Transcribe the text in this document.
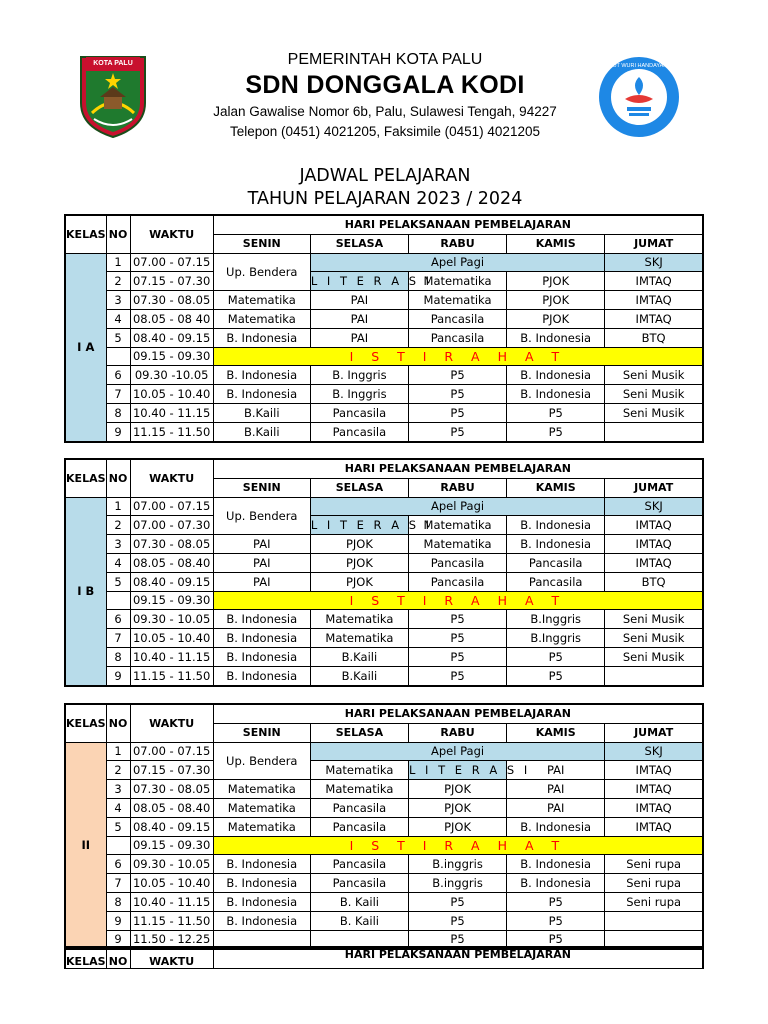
KOTA PALU	TUT WURI HANDAYANI
PEMERINTAH KOTA PALU
SDN DONGGALA KODI
Jalan Gawalise Nomor 6b, Palu, Sulawesi Tengah, 94227
Telepon (0451) 4021205, Faksimile (0451) 4021205
JADWAL PELAJARAN
TAHUN PELAJARAN 2023 / 2024
KELAS	NO	WAKTU	HARI PELAKSANAAN PEMBELAJARAN				
			SENIN	SELASA	RABU	KAMIS	JUMAT
I A	1	07.00 - 07.15	Up. Bendera	Apel Pagi			SKJ
	2	07.15 - 07.30		L I T E R A S I	Matematika	PJOK	IMTAQ
	3	07.30 - 08.05	Matematika	PAI	Matematika	PJOK	IMTAQ
	4	08.05 - 08 40	Matematika	PAI	Pancasila	PJOK	IMTAQ
	5	08.40 - 09.15	B. Indonesia	PAI	Pancasila	B. Indonesia	BTQ
		09.15 - 09.30	I S T I R A H A T				
	6	09.30 -10.05	B. Indonesia	B. Inggris	P5	B. Indonesia	Seni Musik
	7	10.05 - 10.40	B. Indonesia	B. Inggris	P5	B. Indonesia	Seni Musik
	8	10.40 - 11.15	B.Kaili	Pancasila	P5	P5	Seni Musik
	9	11.15 - 11.50	B.Kaili	Pancasila	P5	P5	
KELAS	NO	WAKTU	HARI PELAKSANAAN PEMBELAJARAN				
			SENIN	SELASA	RABU	KAMIS	JUMAT
I B	1	07.00 - 07.15	Up. Bendera	Apel Pagi			SKJ
	2	07.00 - 07.30		L I T E R A S I	Matematika	B. Indonesia	IMTAQ
	3	07.30 - 08.05	PAI	PJOK	Matematika	B. Indonesia	IMTAQ
	4	08.05 - 08.40	PAI	PJOK	Pancasila	Pancasila	IMTAQ
	5	08.40 - 09.15	PAI	PJOK	Pancasila	Pancasila	BTQ
		09.15 - 09.30	I S T I R A H A T				
	6	09.30 - 10.05	B. Indonesia	Matematika	P5	B.Inggris	Seni Musik
	7	10.05 - 10.40	B. Indonesia	Matematika	P5	B.Inggris	Seni Musik
	8	10.40 - 11.15	B. Indonesia	B.Kaili	P5	P5	Seni Musik
	9	11.15 - 11.50	B. Indonesia	B.Kaili	P5	P5	
KELAS	NO	WAKTU	HARI PELAKSANAAN PEMBELAJARAN				
			SENIN	SELASA	RABU	KAMIS	JUMAT
II	1	07.00 - 07.15	Up. Bendera	Apel Pagi			SKJ
	2	07.15 - 07.30		Matematika	L I T E R A S I	PAI	IMTAQ
	3	07.30 - 08.05	Matematika	Matematika	PJOK	PAI	IMTAQ
	4	08.05 - 08.40	Matematika	Pancasila	PJOK	PAI	IMTAQ
	5	08.40 - 09.15	Matematika	Pancasila	PJOK	B. Indonesia	IMTAQ
		09.15 - 09.30	I S T I R A H A T				
	6	09.30 - 10.05	B. Indonesia	Pancasila	B.inggris	B. Indonesia	Seni rupa
	7	10.05 - 10.40	B. Indonesia	Pancasila	B.inggris	B. Indonesia	Seni rupa
	8	10.40 - 11.15	B. Indonesia	B. Kaili	P5	P5	Seni rupa
	9	11.15 - 11.50	B. Indonesia	B. Kaili	P5	P5	
	9	11.50 - 12.25			P5	P5	
KELAS	NO	WAKTU	HARI PELAKSANAAN PEMBELAJARAN
